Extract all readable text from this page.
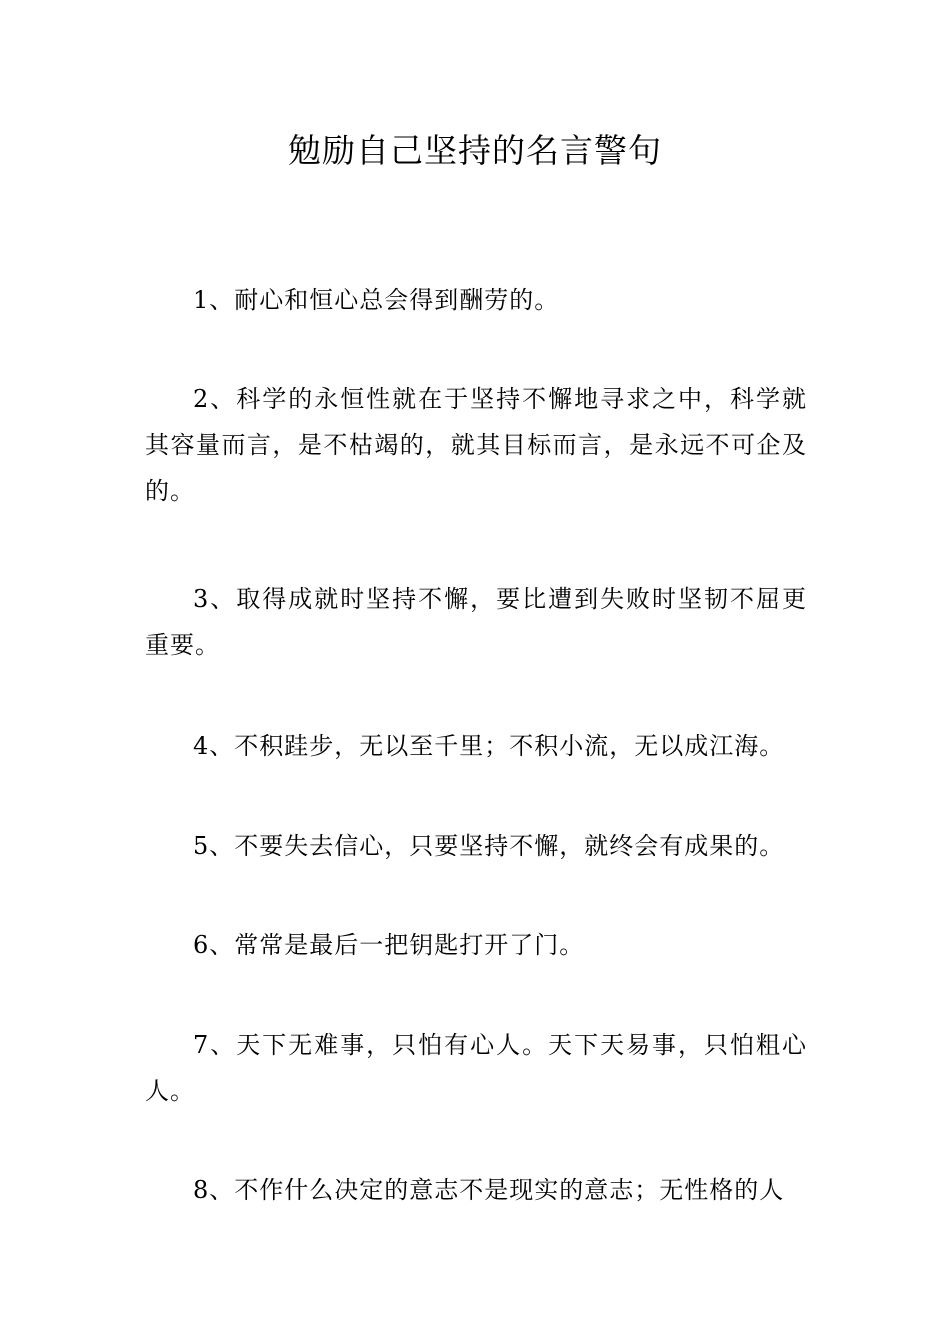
勉励自己坚持的名言警句

1、耐心和恒心总会得到酬劳的。

2、科学的永恒性就在于坚持不懈地寻求之中，科学就其容量而言，是不枯竭的，就其目标而言，是永远不可企及的。

3、取得成就时坚持不懈，要比遭到失败时坚韧不屈更重要。

4、不积跬步，无以至千里；不积小流，无以成江海。

5、不要失去信心，只要坚持不懈，就终会有成果的。

6、常常是最后一把钥匙打开了门。

7、天下无难事，只怕有心人。天下天易事，只怕粗心人。

8、不作什么决定的意志不是现实的意志；无性格的人
